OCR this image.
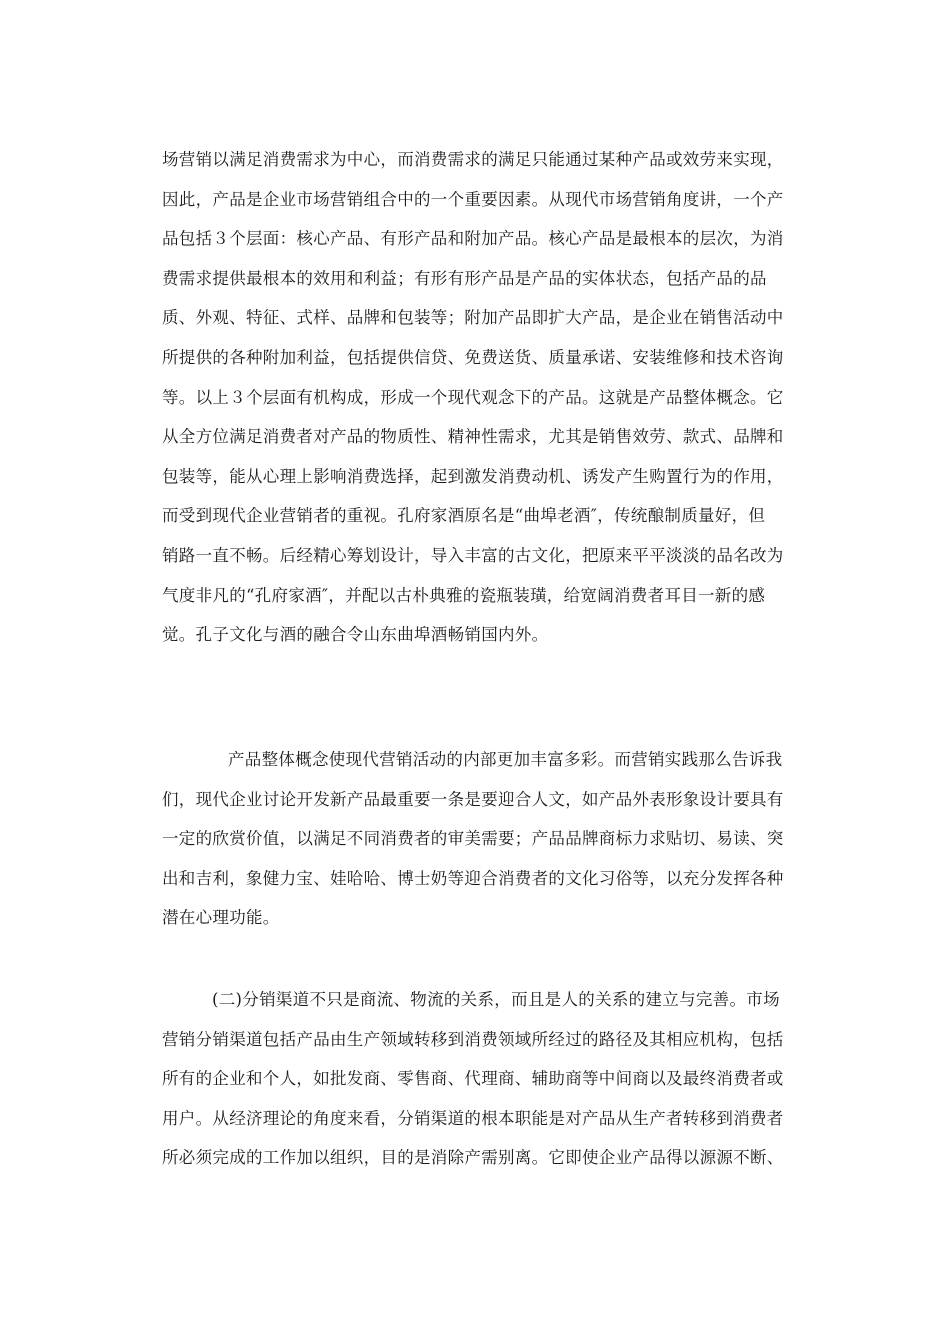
场营销以满足消费需求为中心，而消费需求的满足只能通过某种产品或效劳来实现，
因此，产品是企业市场营销组合中的一个重要因素。从现代市场营销角度讲，一个产
品包括３个层面：核心产品、有形产品和附加产品。核心产品是最根本的层次，为消
费需求提供最根本的效用和利益；有形有形产品是产品的实体状态，包括产品的品
质、外观、特征、式样、品牌和包装等；附加产品即扩大产品，是企业在销售活动中
所提供的各种附加利益，包括提供信贷、免费送货、质量承诺、安装维修和技术咨询
等。以上３个层面有机构成，形成一个现代观念下的产品。这就是产品整体概念。它
从全方位满足消费者对产品的物质性、精神性需求，尤其是销售效劳、款式、品牌和
包装等，能从心理上影响消费选择，起到激发消费动机、诱发产生购置行为的作用，
而受到现代企业营销者的重视。孔府家酒原名是“曲埠老酒″，传统酿制质量好，但
销路一直不畅。后经精心筹划设计，导入丰富的古文化，把原来平平淡淡的品名改为
气度非凡的“孔府家酒″，并配以古朴典雅的瓷瓶装璜，给宽阔消费者耳目一新的感
觉。孔子文化与酒的融合令山东曲埠酒畅销国内外。
产品整体概念使现代营销活动的内部更加丰富多彩。而营销实践那么告诉我
们，现代企业讨论开发新产品最重要一条是要迎合人文，如产品外表形象设计要具有
一定的欣赏价值，以满足不同消费者的审美需要；产品品牌商标力求贴切、易读、突
出和吉利，象健力宝、娃哈哈、博士奶等迎合消费者的文化习俗等，以充分发挥各种
潜在心理功能。
(二)分销渠道不只是商流、物流的关系，而且是人的关系的建立与完善。市场
营销分销渠道包括产品由生产领域转移到消费领域所经过的路径及其相应机构，包括
所有的企业和个人，如批发商、零售商、代理商、辅助商等中间商以及最终消费者或
用户。从经济理论的角度来看，分销渠道的根本职能是对产品从生产者转移到消费者
所必须完成的工作加以组织，目的是消除产需别离。它即使企业产品得以源源不断、
